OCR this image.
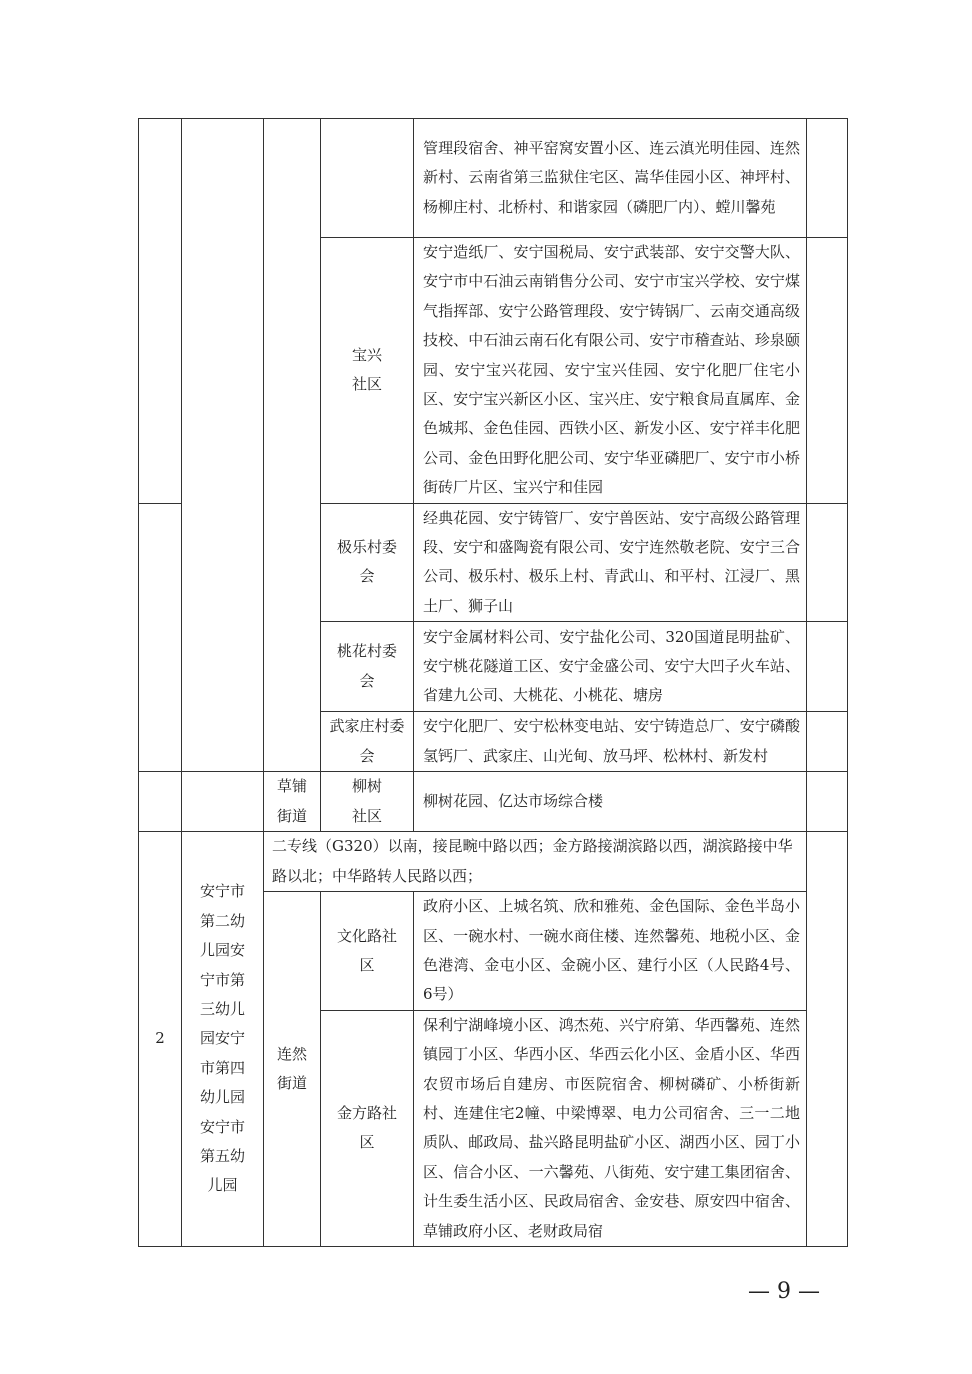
				管理段宿舍、神平窑窝安置小区、连云滇光明佳园、连然新村、云南省第三监狱住宅区、嵩华佳园小区、神坪村、杨柳庄村、北桥村、和谐家园（磷肥厂内）、螳川馨苑	

			宝兴社区	安宁造纸厂、安宁国税局、安宁武装部、安宁交警大队、安宁市中石油云南销售分公司、安宁市宝兴学校、安宁煤气指挥部、安宁公路管理段、安宁铸锅厂、云南交通高级技校、中石油云南石化有限公司、安宁市稽查站、珍泉颐园、安宁宝兴花园、安宁宝兴佳园、安宁化肥厂住宅小区、安宁宝兴新区小区、宝兴庄、安宁粮食局直属库、金色城邦、金色佳园、西铁小区、新发小区、安宁祥丰化肥公司、金色田野化肥公司、安宁华亚磷肥厂、安宁市小桥街砖厂片区、宝兴宁和佳园	

			极乐村委会	经典花园、安宁铸管厂、安宁兽医站、安宁高级公路管理段、安宁和盛陶瓷有限公司、安宁连然敬老院、安宁三合公司、极乐村、极乐上村、青武山、和平村、江浸厂、黑土厂、狮子山	

			桃花村委会	安宁金属材料公司、安宁盐化公司、320国道昆明盐矿、安宁桃花隧道工区、安宁金盛公司、安宁大凹子火车站、省建九公司、大桃花、小桃花、塘房	

			武家庄村委会	安宁化肥厂、安宁松林变电站、安宁铸造总厂、安宁磷酸氢钙厂、武家庄、山光甸、放马坪、松林村、新发村	

		草铺街道	柳树社区	柳树花园、亿达市场综合楼	
2	安宁市第二幼儿园安宁市第三幼儿园安宁市第四幼儿园安宁市第五幼儿园	二专线（G320）以南，接昆畹中路以西；金方路接湖滨路以西，湖滨路接中华路以北；中华路转人民路以西；			

		连然街道	文化路社区	政府小区、上城名筑、欣和雅苑、金色国际、金色半岛小区、一碗水村、一碗水商住楼、连然馨苑、地税小区、金色港湾、金屯小区、金碗小区、建行小区（人民路4号、6号）	

			金方路社区	保利宁湖峰境小区、鸿杰苑、兴宁府第、华西馨苑、连然镇园丁小区、华西小区、华西云化小区、金盾小区、华西农贸市场后自建房、市医院宿舍、柳树磷矿、小桥街新村、连建住宅2幢、中梁博翠、电力公司宿舍、三一二地质队、邮政局、盐兴路昆明盐矿小区、湖西小区、园丁小区、信合小区、一六馨苑、八街苑、安宁建工集团宿舍、计生委生活小区、民政局宿舍、金安巷、原安四中宿舍、草铺政府小区、老财政局宿	
— 9 —
